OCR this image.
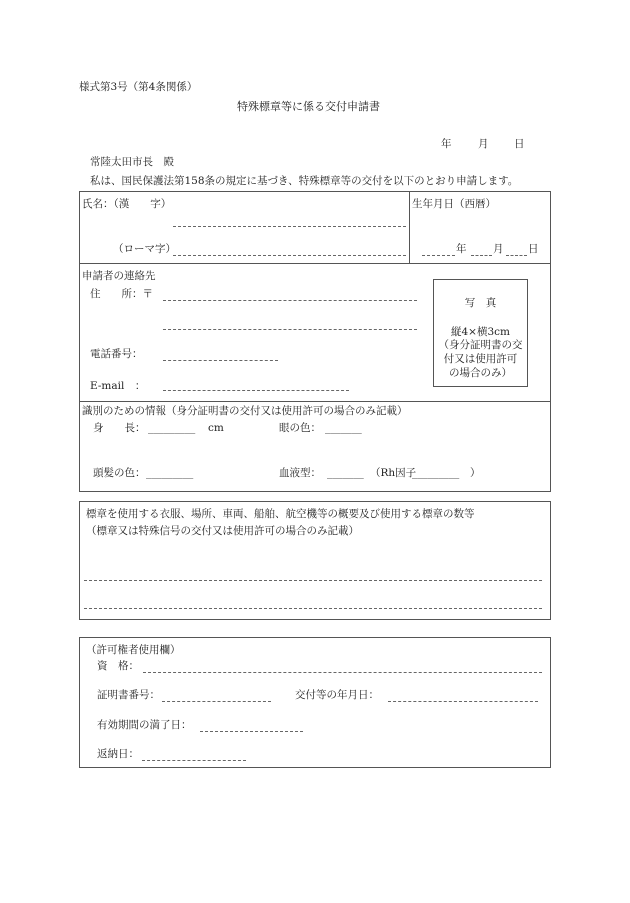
様式第3号（第4条関係）
特殊標章等に係る交付申請書
年	月 日
常陸太田市長　殿
私は、国民保護法第158条の規定に基づき、特殊標章等の交付を以下のとおり申請します。
氏名：（漢　　字）
（ローマ字）
生年月日（西暦）
年	月 日
申請者の連絡先
住　　所：〒
電話番号：
E-mail　：
写　真
縦4×横3cm
（身分証明書の交
付又は使用許可
の場合のみ）
識別のための情報（身分証明書の交付又は使用許可の場合のみ記載）
身　　長： _________ cm	眼の色： _______
頭髪の色： _________	血液型： _______ （Rh因子
_________ ）
標章を使用する衣服、場所、車両、船舶、航空機等の概要及び使用する標章の数等
（標章又は特殊信号の交付又は使用許可の場合のみ記載）
（許可権者使用欄）
資　格：
証明書番号：	交付等の年月日：
有効期間の満了日：
返納日：
